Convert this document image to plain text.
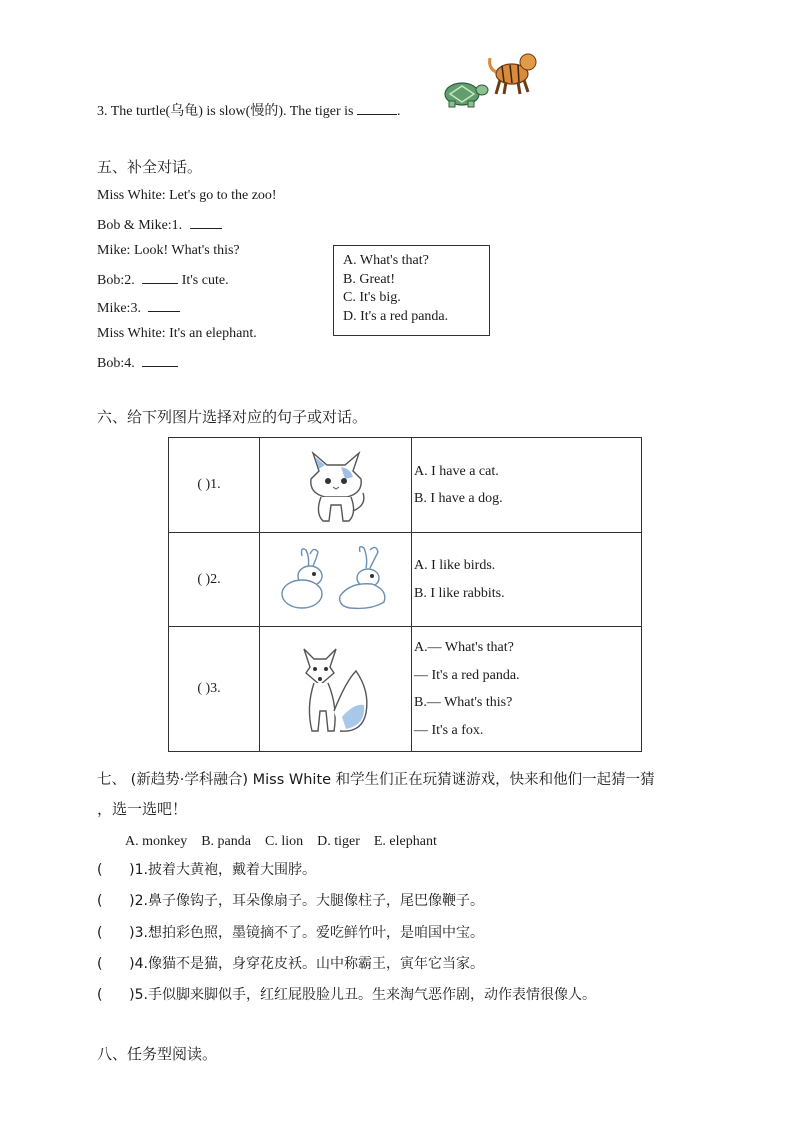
3. The turtle(乌龟) is slow(慢的). The tiger is	.
五、补全对话。
Miss White: Let's go to the zoo!
Bob & Mike:1.
Mike: Look! What's this?
Bob:2.	It's cute.
Mike:3.
Miss White: It's an elephant.
Bob:4.
A. What's that?
B. Great!
C. It's big.
D. It's a red panda.
六、给下列图片选择对应的句子或对话。
( )1.		A. I have a cat.
B. I have a dog.

( )2.		A. I like birds.
B. I like rabbits.

( )3.		A.— What's that?
— It's a red panda.
B.— What's this?
— It's a fox.
七、 (新趋势·学科融合) Miss White 和学生们正在玩猜谜游戏，快来和他们一起猜一猜
，选一选吧！
A. monkey    B. panda    C. lion    D. tiger    E. elephant
(      )1.披着大黄袍，戴着大围脖。
(      )2.鼻子像钩子，耳朵像扇子。大腿像柱子，尾巴像鞭子。
(      )3.想拍彩色照，墨镜摘不了。爱吃鲜竹叶，是咱国中宝。
(      )4.像猫不是猫，身穿花皮袄。山中称霸王，寅年它当家。
(      )5.手似脚来脚似手，红红屁股脸儿丑。生来淘气恶作剧，动作表情很像人。
八、任务型阅读。
